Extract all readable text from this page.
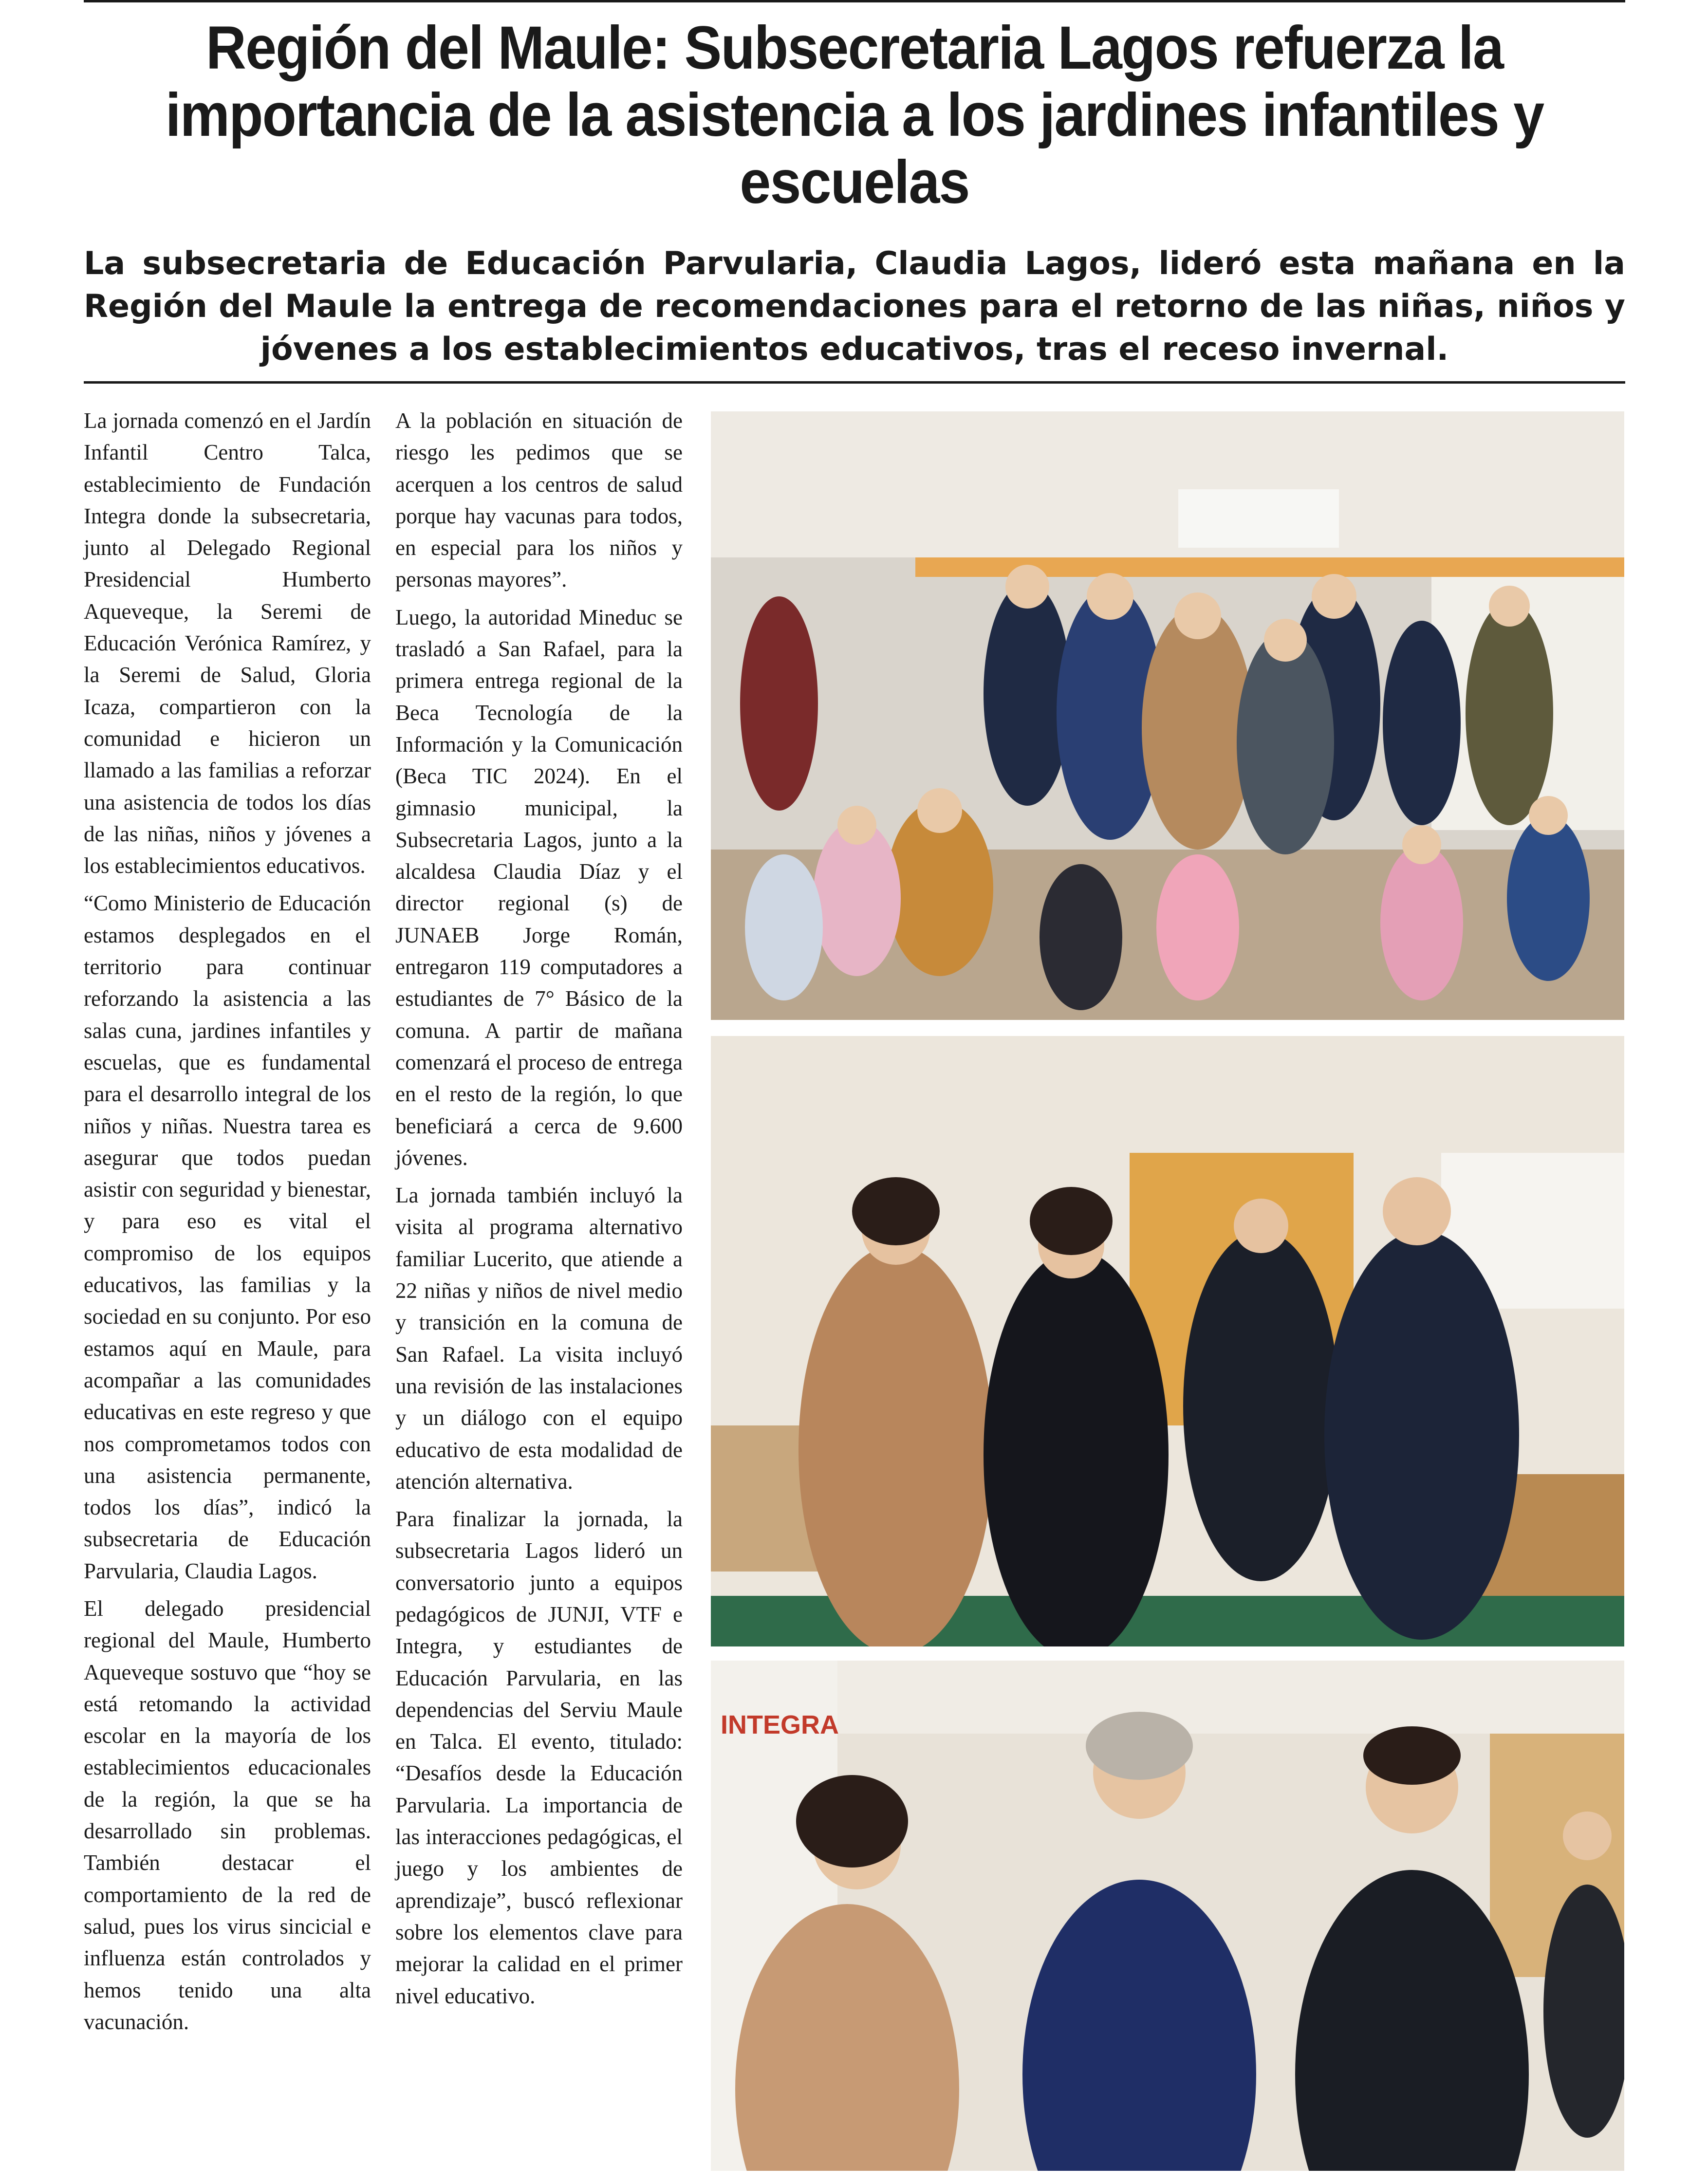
Región del Maule: Subsecretaria Lagos refuerza la importancia de la asistencia a los jardines infantiles y escuelas

La subsecretaria de Educación Parvularia, Claudia Lagos, lideró esta mañana en la Región del Maule la entrega de recomendaciones para el retorno de las niñas, niños y jóvenes a los establecimientos educativos, tras el receso invernal.

La jornada comenzó en el Jardín Infantil Centro Talca, establecimiento de Fundación Integra donde la subsecretaria, junto al Delegado Regional Presidencial Humberto Aqueveque, la Seremi de Educación Verónica Ramírez, y la Seremi de Salud, Gloria Icaza, compartieron con la comunidad e hicieron un llamado a las familias a reforzar una asistencia de todos los días de las niñas, niños y jóvenes a los establecimientos educativos.

“Como Ministerio de Educación estamos desplegados en el territorio para continuar reforzando la asistencia a las salas cuna, jardines infantiles y escuelas, que es fundamental para el desarrollo integral de los niños y niñas. Nuestra tarea es asegurar que todos puedan asistir con seguridad y bienestar, y para eso es vital el compromiso de los equipos educativos, las familias y la sociedad en su conjunto. Por eso estamos aquí en Maule, para acompañar a las comunidades educativas en este regreso y que nos comprometamos todos con una asistencia permanente, todos los días”, indicó la subsecretaria de Educación Parvularia, Claudia Lagos.

El delegado presidencial regional del Maule, Humberto Aqueveque sostuvo que “hoy se está retomando la actividad escolar en la mayoría de los establecimientos educacionales de la región, la que se ha desarrollado sin problemas. También destacar el comportamiento de la red de salud, pues los virus sincicial e influenza están controlados y hemos tenido una alta vacunación.

A la población en situación de riesgo les pedimos que se acerquen a los centros de salud porque hay vacunas para todos, en especial para los niños y personas mayores”.

Luego, la autoridad Mineduc se trasladó a San Rafael, para la primera entrega regional de la Beca Tecnología de la Información y la Comunicación (Beca TIC 2024). En el gimnasio municipal, la Subsecretaria Lagos, junto a la alcaldesa Claudia Díaz y el director regional (s) de JUNAEB Jorge Román, entregaron 119 computadores a estudiantes de 7° Básico de la comuna. A partir de mañana comenzará el proceso de entrega en el resto de la región, lo que beneficiará a cerca de 9.600 jóvenes.

La jornada también incluyó la visita al programa alternativo familiar Lucerito, que atiende a 22 niñas y niños de nivel medio y transición en la comuna de San Rafael. La visita incluyó una revisión de las instalaciones y un diálogo con el equipo educativo de esta modalidad de atención alternativa.

Para finalizar la jornada, la subsecretaria Lagos lideró un conversatorio junto a equipos pedagógicos de JUNJI, VTF e Integra, y estudiantes de Educación Parvularia, en las dependencias del Serviu Maule en Talca. El evento, titulado: “Desafíos desde la Educación Parvularia. La importancia de las interacciones pedagógicas, el juego y los ambientes de aprendizaje”, buscó reflexionar sobre los elementos clave para mejorar la calidad en el primer nivel educativo.

INTEGRA
